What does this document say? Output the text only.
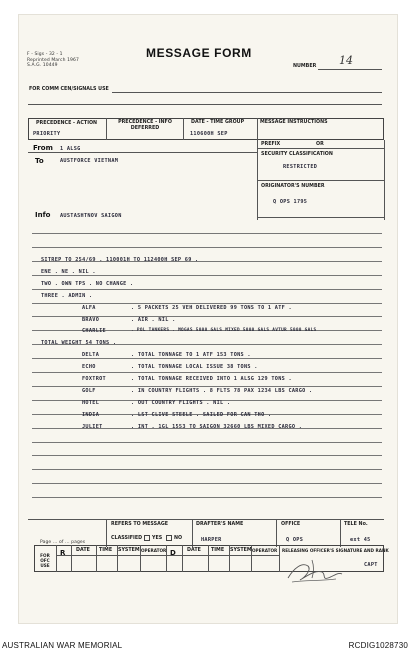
F - Sigs - 32 - 1
Reprinted March 1967
S.A.G. 10449
MESSAGE FORM
NUMBER 14
FOR COMM CEN/SIGNALS USE
PRECEDENCE - ACTION
PRIORITY
PRECEDENCE - INFO DEFERRED
DATE - TIME GROUP
110600H SEP
MESSAGE INSTRUCTIONS
PREFIX	OR
SECURITY CLASSIFICATION
RESTRICTED
ORIGINATOR'S NUMBER
Q OPS 1795
From 1 ALSG
To	AUSTFORCE VIETNAM
Info AUSTASHTNOV SAIGON
SITREP TO 254/69 . 110001H TO 112400H SEP 69 .
ENE . NE . NIL .
TWO . OWN TPS . NO CHANGE .
THREE . ADMIN .
ALFA	. 5 PACKETS 25 VEH DELIVERED 99 TONS TO 1 ATF .
BRAVO	. AIR . NIL .
CHARLIE	. POL TANKERS . MOGAS 5000 GALS MIXED 5000 GALS AVTUR 5000 GALS
TOTAL WEIGHT 54 TONS .
DELTA	. TOTAL TONNAGE TO 1 ATF 153 TONS .
ECHO	. TOTAL TONNAGE LOCAL ISSUE 38 TONS .
FOXTROT	. TOTAL TONNAGE RECEIVED INTO 1 ALSG 129 TONS .
GOLF	. IN COUNTRY FLIGHTS . 8 FLTS 78 PAX 1234 LBS CARGO .
HOTEL	. OUT COUNTRY FLIGHTS . NIL .
INDIA	. LST CLIVE STEELE . SAILED FOR CAN THO .
JULIET	. INT . 1GL 1553 TO SAIGON 32660 LBS MIXED CARGO .
REFERS TO MESSAGE
CLASSIFIED YES NO
DRAFTER'S NAME
HARPER
OFFICE
Q OPS
TELE No.
ext 45
Page ... of ... pages
FOR OFC USE
R	D
DATE TIME SYSTEM OPERATOR	DATE TIME SYSTEM OPERATOR RELEASING OFFICER'S SIGNATURE AND RANK
CAPT
AUSTRALIAN WAR MEMORIAL	RCDIG1028730
